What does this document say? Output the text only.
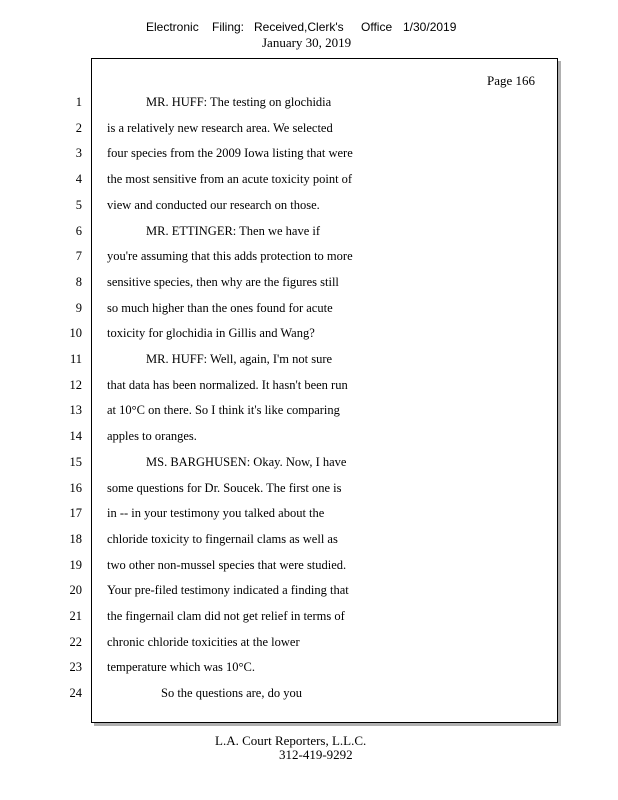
Electronic Filing: Received,Clerk's Office 1/30/2019
January 30, 2019
Page 166
1	MR. HUFF: The testing on glochidia
2 is a relatively new research area. We selected
3 four species from the 2009 Iowa listing that were
4 the most sensitive from an acute toxicity point of
5 view and conducted our research on those.
6	MR. ETTINGER: Then we have if
7 you're assuming that this adds protection to more
8 sensitive species, then why are the figures still
9 so much higher than the ones found for acute
10 toxicity for glochidia in Gillis and Wang?
11	MR. HUFF: Well, again, I'm not sure
12 that data has been normalized. It hasn't been run
13 at 10°C on there. So I think it's like comparing
14 apples to oranges.
15	MS. BARGHUSEN: Okay. Now, I have
16 some questions for Dr. Soucek. The first one is
17 in -- in your testimony you talked about the
18 chloride toxicity to fingernail clams as well as
19 two other non-mussel species that were studied.
20 Your pre-filed testimony indicated a finding that
21 the fingernail clam did not get relief in terms of
22 chronic chloride toxicities at the lower
23 temperature which was 10°C.
24	So the questions are, do you
L.A. Court Reporters, L.L.C.
312-419-9292
